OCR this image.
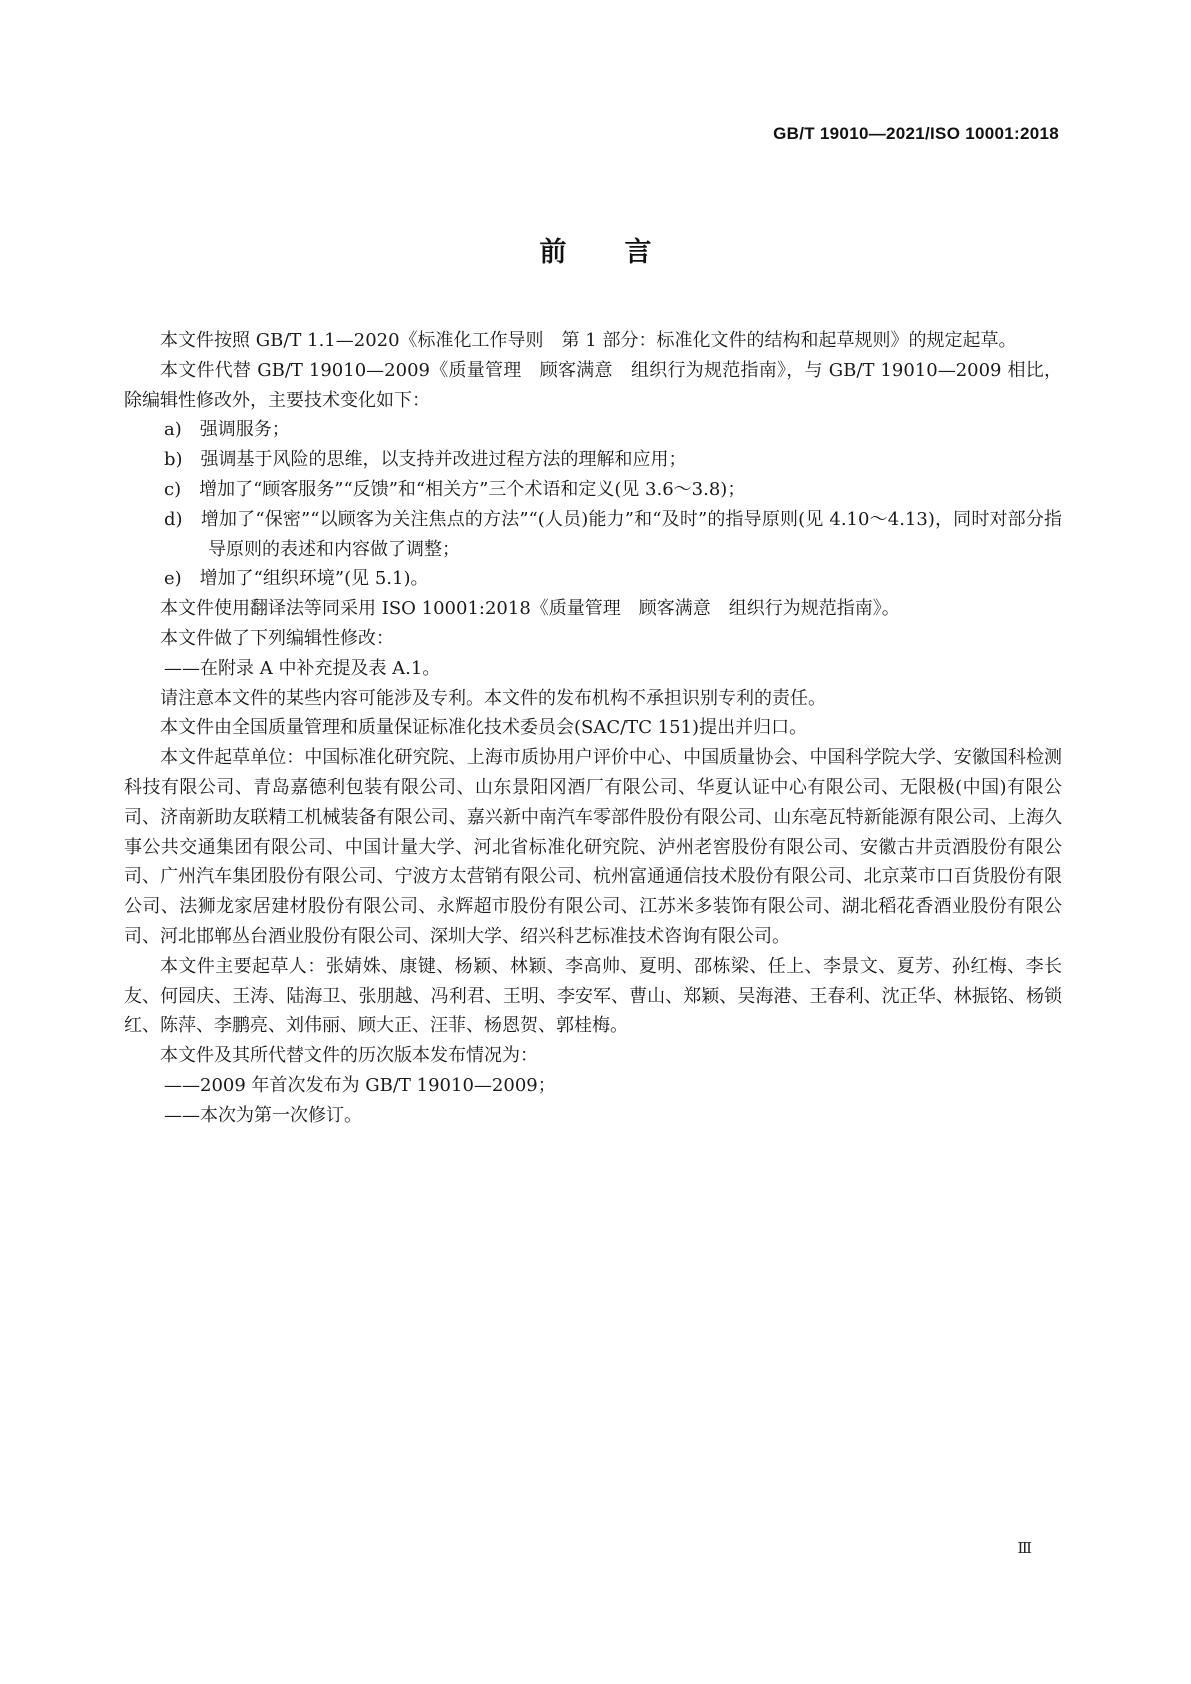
GB/T 19010—2021/ISO 10001:2018
前 言

本文件按照 GB/T 1.1—2020《标准化工作导则　第 1 部分：标准化文件的结构和起草规则》的规定起草。

本文件代替 GB/T 19010—2009《质量管理　顾客满意　组织行为规范指南》，与 GB/T 19010—2009 相比，除编辑性修改外，主要技术变化如下：

a)　强调服务；
b)　强调基于风险的思维，以支持并改进过程方法的理解和应用；
c)　增加了“顾客服务”“反馈”和“相关方”三个术语和定义(见 3.6～3.8)；
d)　增加了“保密”“以顾客为关注焦点的方法”“(人员)能力”和“及时”的指导原则(见 4.10～4.13)，同时对部分指导原则的表述和内容做了调整；
e)　增加了“组织环境”(见 5.1)。

本文件使用翻译法等同采用 ISO 10001:2018《质量管理　顾客满意　组织行为规范指南》。

本文件做了下列编辑性修改：

——在附录 A 中补充提及表 A.1。

请注意本文件的某些内容可能涉及专利。本文件的发布机构不承担识别专利的责任。

本文件由全国质量管理和质量保证标准化技术委员会(SAC/TC 151)提出并归口。

本文件起草单位：中国标准化研究院、上海市质协用户评价中心、中国质量协会、中国科学院大学、安徽国科检测科技有限公司、青岛嘉德利包装有限公司、山东景阳冈酒厂有限公司、华夏认证中心有限公司、无限极(中国)有限公司、济南新助友联精工机械装备有限公司、嘉兴新中南汽车零部件股份有限公司、山东亳瓦特新能源有限公司、上海久事公共交通集团有限公司、中国计量大学、河北省标准化研究院、泸州老窖股份有限公司、安徽古井贡酒股份有限公司、广州汽车集团股份有限公司、宁波方太营销有限公司、杭州富通通信技术股份有限公司、北京菜市口百货股份有限公司、法狮龙家居建材股份有限公司、永辉超市股份有限公司、江苏米多装饰有限公司、湖北稻花香酒业股份有限公司、河北邯郸丛台酒业股份有限公司、深圳大学、绍兴科艺标准技术咨询有限公司。

本文件主要起草人：张婧姝、康键、杨颖、林颖、李高帅、夏明、邵栋梁、任上、李景文、夏芳、孙红梅、李长友、何园庆、王涛、陆海卫、张朋越、冯利君、王明、李安军、曹山、郑颖、吴海港、王春利、沈正华、林振铭、杨锁红、陈萍、李鹏亮、刘伟丽、顾大正、汪菲、杨恩贺、郭桂梅。

本文件及其所代替文件的历次版本发布情况为：

——2009 年首次发布为 GB/T 19010—2009；
——本次为第一次修订。
Ⅲ
